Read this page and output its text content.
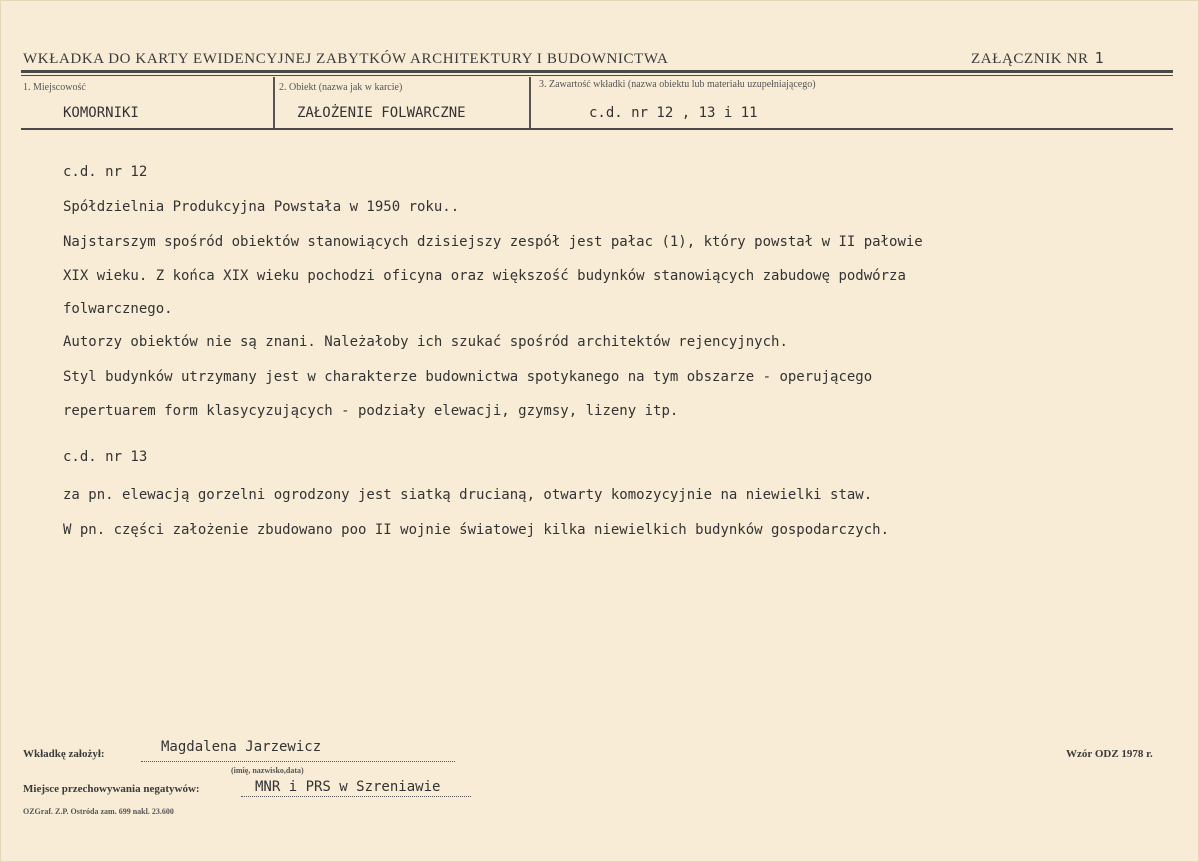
WKŁADKA DO KARTY EWIDENCYJNEJ ZABYTKÓW ARCHITEKTURY I BUDOWNICTWA	ZAŁĄCZNIK NR 1
1. Miejscowość
KOMORNIKI
2. Obiekt (nazwa jak w karcie)
ZAŁOŻENIE FOLWARCZNE
3. Zawartość wkładki (nazwa obiektu lub materiału uzupełniającego)
c.d. nr 12 , 13 i 11
c.d. nr 12
Spółdzielnia Produkcyjna Powstała w 1950 roku..
Najstarszym spośród obiektów stanowiących dzisiejszy zespół jest pałac (1), który powstał w II pałowie
XIX wieku. Z końca XIX wieku pochodzi oficyna oraz większość budynków stanowiących zabudowę podwórza
folwarcznego.
Autorzy obiektów nie są znani. Należałoby ich szukać spośród architektów rejencyjnych.
Styl budynków utrzymany jest w charakterze budownictwa spotykanego na tym obszarze - operującego
repertuarem form klasycyzujących - podziały elewacji, gzymsy, lizeny itp.
c.d. nr 13
za pn. elewacją gorzelni ogrodzony jest siatką drucianą, otwarty komozycyjnie na niewielki staw.
W pn. części założenie zbudowano poo II wojnie światowej kilka niewielkich budynków gospodarczych.
Wkładkę założył:	Magdalena Jarzewicz
(imię, nazwisko,data)
Wzór ODZ 1978 r.
Miejsce przechowywania negatywów:	MNR i PRS w Szreniawie
OZGraf. Z.P. Ostróda zam. 699 nakl. 23.600
